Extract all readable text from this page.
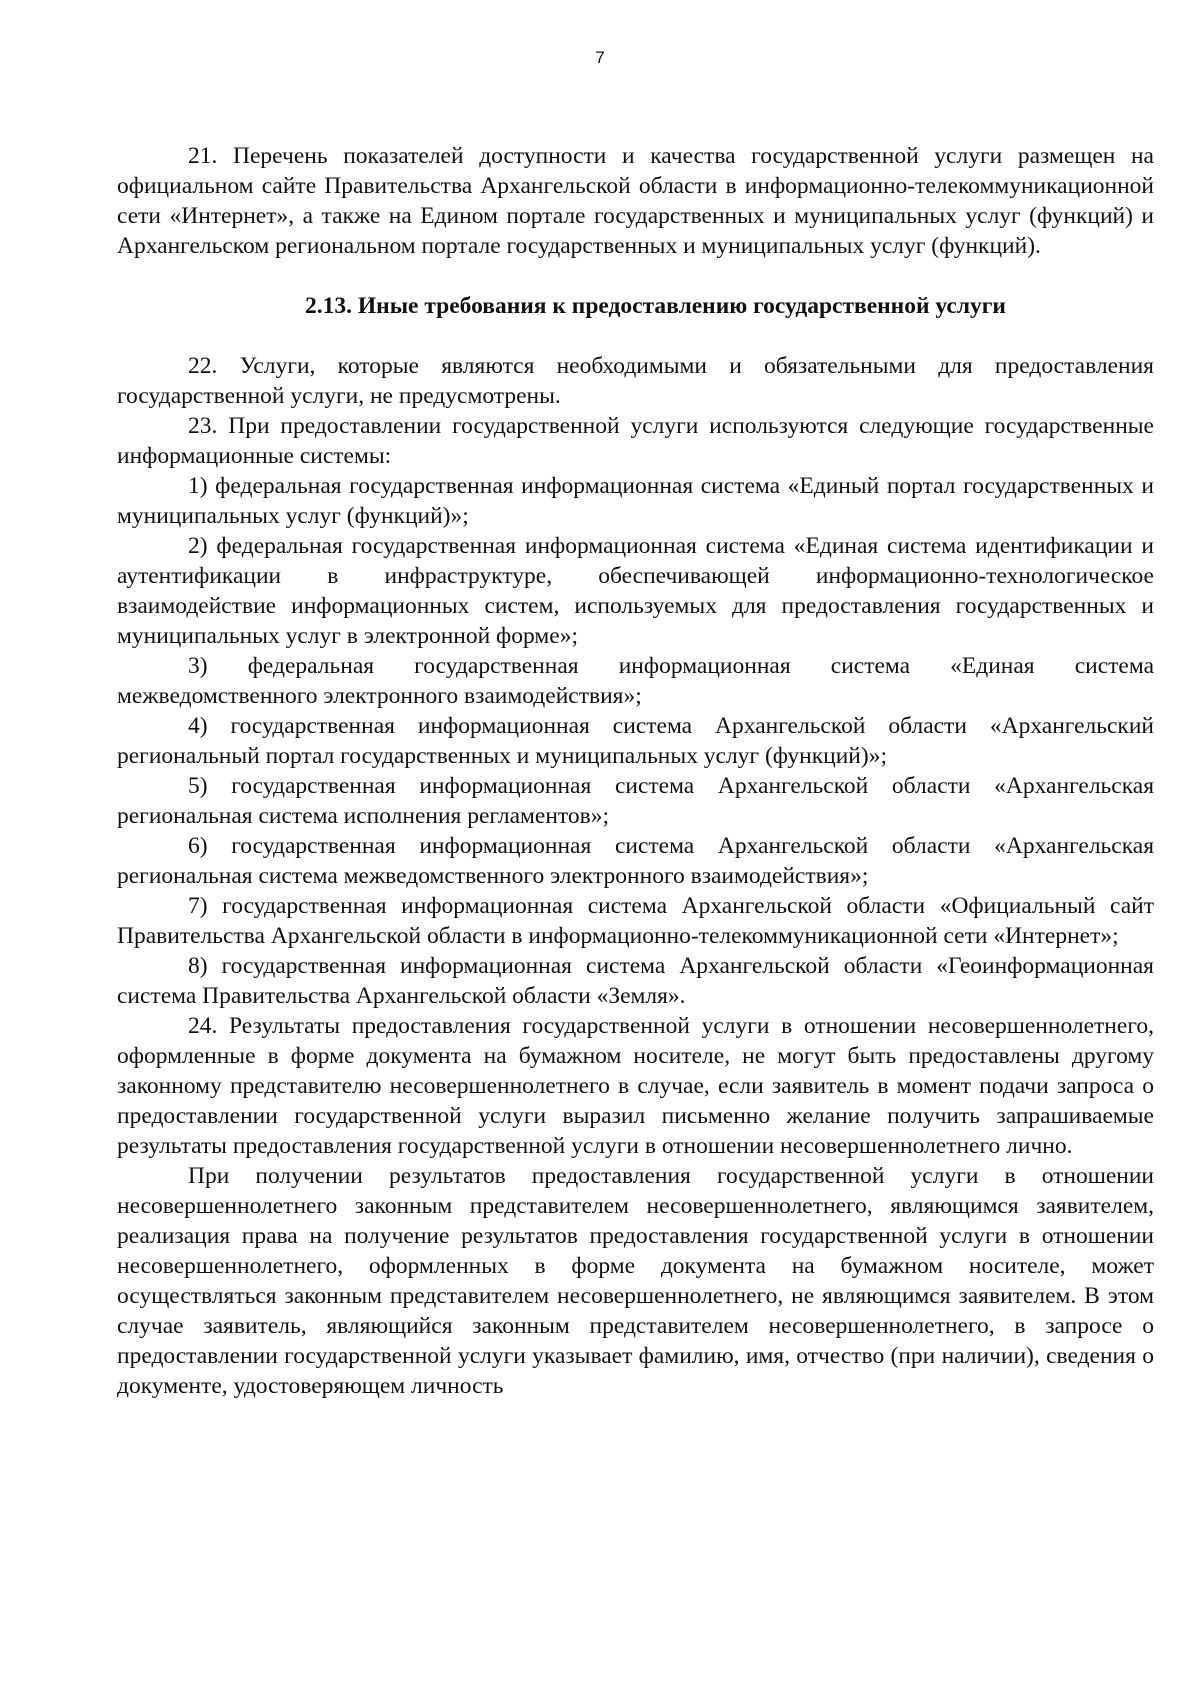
7

21. Перечень показателей доступности и качества государственной услуги размещен на официальном сайте Правительства Архангельской области в информационно-телекоммуникационной сети «Интернет», а также на Едином портале государственных и муниципальных услуг (функций) и Архангельском региональном портале государственных и муниципальных услуг (функций).

2.13. Иные требования к предоставлению государственной услуги

22. Услуги, которые являются необходимыми и обязательными для предоставления государственной услуги, не предусмотрены.

23. При предоставлении государственной услуги используются следующие государственные информационные системы:

1) федеральная государственная информационная система «Единый портал государственных и муниципальных услуг (функций)»;

2) федеральная государственная информационная система «Единая система идентификации и аутентификации в инфраструктуре, обеспечивающей информационно-технологическое взаимодействие информационных систем, используемых для предоставления государственных и муниципальных услуг в электронной форме»;

3) федеральная государственная информационная система «Единая система межведомственного электронного взаимодействия»;

4) государственная информационная система Архангельской области «Архангельский региональный портал государственных и муниципальных услуг (функций)»;

5) государственная информационная система Архангельской области «Архангельская региональная система исполнения регламентов»;

6) государственная информационная система Архангельской области «Архангельская региональная система межведомственного электронного взаимодействия»;

7) государственная информационная система Архангельской области «Официальный сайт Правительства Архангельской области в информационно-телекоммуникационной сети «Интернет»;

8) государственная информационная система Архангельской области «Геоинформационная система Правительства Архангельской области «Земля».

24. Результаты предоставления государственной услуги в отношении несовершеннолетнего, оформленные в форме документа на бумажном носителе, не могут быть предоставлены другому законному представителю несовершеннолетнего в случае, если заявитель в момент подачи запроса о предоставлении государственной услуги выразил письменно желание получить запрашиваемые результаты предоставления государственной услуги в отношении несовершеннолетнего лично.

При получении результатов предоставления государственной услуги в отношении несовершеннолетнего законным представителем несовершеннолетнего, являющимся заявителем, реализация права на получение результатов предоставления государственной услуги в отношении несовершеннолетнего, оформленных в форме документа на бумажном носителе, может осуществляться законным представителем несовершеннолетнего, не являющимся заявителем. В этом случае заявитель, являющийся законным представителем несовершеннолетнего, в запросе о предоставлении государственной услуги указывает фамилию, имя, отчество (при наличии), сведения о документе, удостоверяющем личность
